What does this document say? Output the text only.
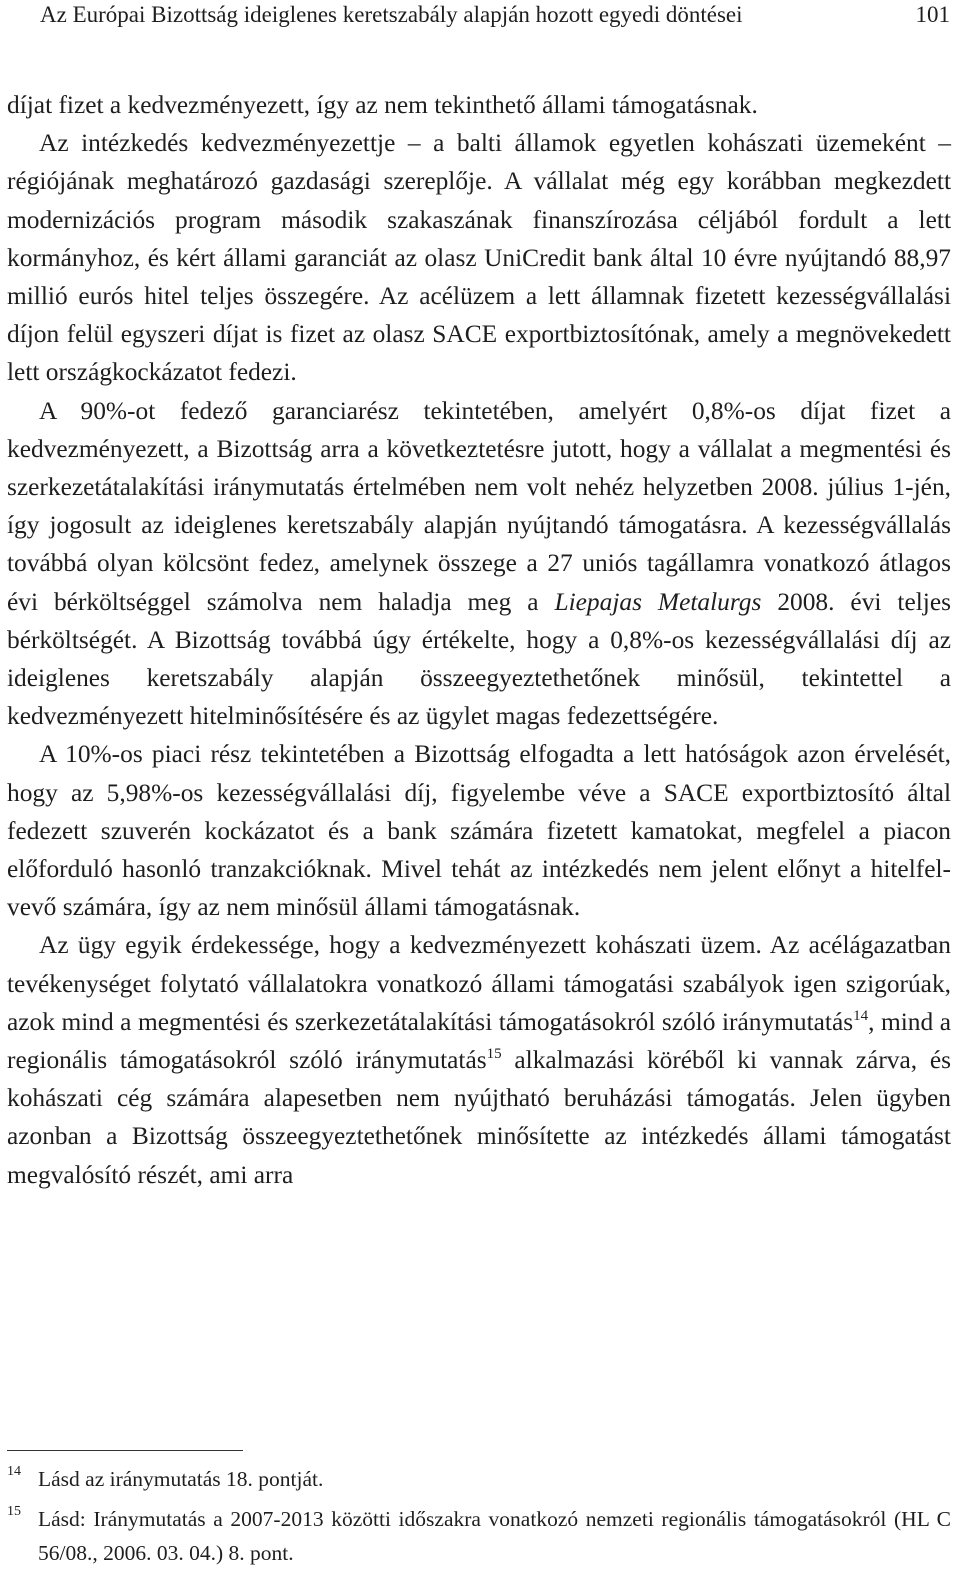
Az Európai Bizottság ideiglenes keretszabály alapján hozott egyedi döntései	101

díjat fizet a kedvezményezett, így az nem tekinthető állami támogatásnak.

Az intézkedés kedvezményezettje – a balti államok egyetlen kohászati üzemeként – régiójának meghatározó gazdasági szereplője. A vállalat még egy korábban megkezdett modernizációs program második szakaszának finanszírozása céljából fordult a lett kormányhoz, és kért állami garanciát az olasz UniCredit bank által 10 évre nyújtandó 88,97 millió eurós hitel teljes összegére. Az acélüzem a lett államnak fizetett kezességvállalási díjon felül egyszeri díjat is fizet az olasz SACE exportbiztosítónak, amely a megnövekedett lett országkockázatot fedezi.

A 90%-ot fedező garanciarész tekintetében, amelyért 0,8%-os díjat fizet a kedvezményezett, a Bizottság arra a következtetésre jutott, hogy a vállalat a megmentési és szerkezetátalakítási iránymutatás értelmében nem volt nehéz helyzetben 2008. július 1-jén, így jogosult az ideiglenes keretszabály alapján nyújtandó támogatásra. A kezességvállalás továbbá olyan kölcsönt fedez, amelynek összege a 27 uniós tagállamra vonatkozó átlagos évi bérköltséggel számolva nem haladja meg a Liepajas Metalurgs 2008. évi teljes bérköltségét. A Bizottság továbbá úgy értékelte, hogy a 0,8%-os kezességvállalási díj az ideiglenes keretszabály alapján összeegyeztethetőnek minősül, tekintettel a kedvezményezett hitelminősítésére és az ügylet magas fedezettségére.

A 10%-os piaci rész tekintetében a Bizottság elfogadta a lett hatóságok azon érvelését, hogy az 5,98%-os kezességvállalási díj, figyelembe véve a SACE exportbiztosító által fedezett szuverén kockázatot és a bank számára fizetett kamatokat, megfelel a piacon előforduló hasonló tranzakcióknak. Mivel tehát az intézkedés nem jelent előnyt a hitelfelvevő számára, így az nem minősül állami támogatásnak.

Az ügy egyik érdekessége, hogy a kedvezményezett kohászati üzem. Az acélágazatban tevékenységet folytató vállalatokra vonatkozó állami támogatási szabályok igen szigorúak, azok mind a megmentési és szerkezetátalakítási támogatásokról szóló iránymutatás$^{14}$, mind a regionális támogatásokról szóló iránymutatás$^{15}$ alkalmazási köréből ki vannak zárva, és kohászati cég számára alapesetben nem nyújtható beruházási támogatás. Jelen ügyben azonban a Bizottság összeegyeztethetőnek minősítette az intézkedés állami támogatást megvalósító részét, ami arra

14 Lásd az iránymutatás 18. pontját.
15 Lásd: Iránymutatás a 2007-2013 közötti időszakra vonatkozó nemzeti regionális támogatásokról (HL C 56/08., 2006. 03. 04.) 8. pont.
